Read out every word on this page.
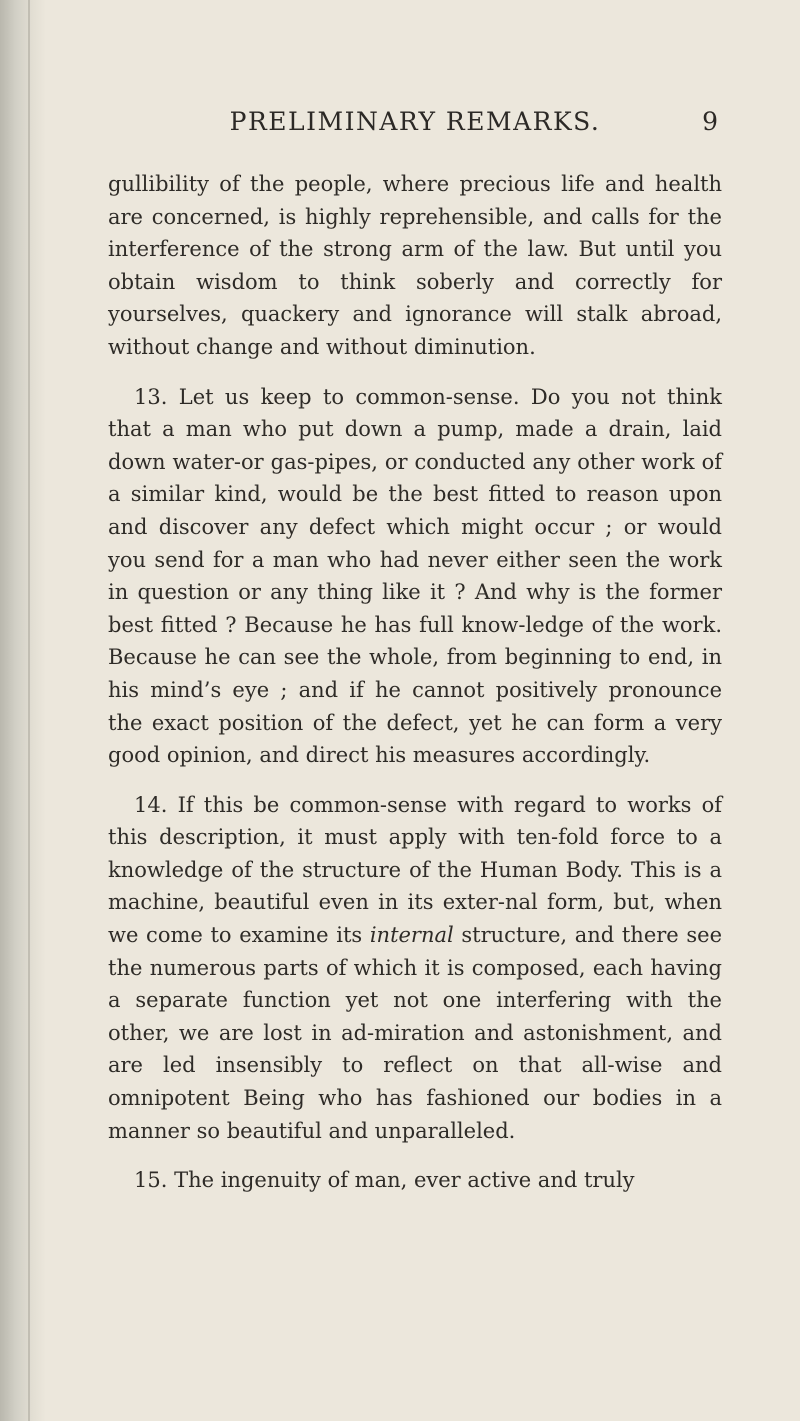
PRELIMINARY REMARKS.	9

gullibility of the people, where precious life and health are concerned, is highly reprehensible, and calls for the interference of the strong arm of the law. But until you obtain wisdom to think soberly and correctly for yourselves, quackery and ignorance will stalk abroad, without change and without diminution.

13. Let us keep to common-sense. Do you not think that a man who put down a pump, made a drain, laid down water-or gas-pipes, or conducted any other work of a similar kind, would be the best fitted to reason upon and discover any defect which might occur ; or would you send for a man who had never either seen the work in question or any thing like it ? And why is the former best fitted ? Because he has full know-ledge of the work. Because he can see the whole, from beginning to end, in his mind’s eye ; and if he cannot positively pronounce the exact position of the defect, yet he can form a very good opinion, and direct his measures accordingly.

14. If this be common-sense with regard to works of this description, it must apply with ten-fold force to a knowledge of the structure of the Human Body. This is a machine, beautiful even in its exter-nal form, but, when we come to examine its internal structure, and there see the numerous parts of which it is composed, each having a separate function yet not one interfering with the other, we are lost in ad-miration and astonishment, and are led insensibly to reflect on that all-wise and omnipotent Being who has fashioned our bodies in a manner so beautiful and unparalleled.

15. The ingenuity of man, ever active and truly
